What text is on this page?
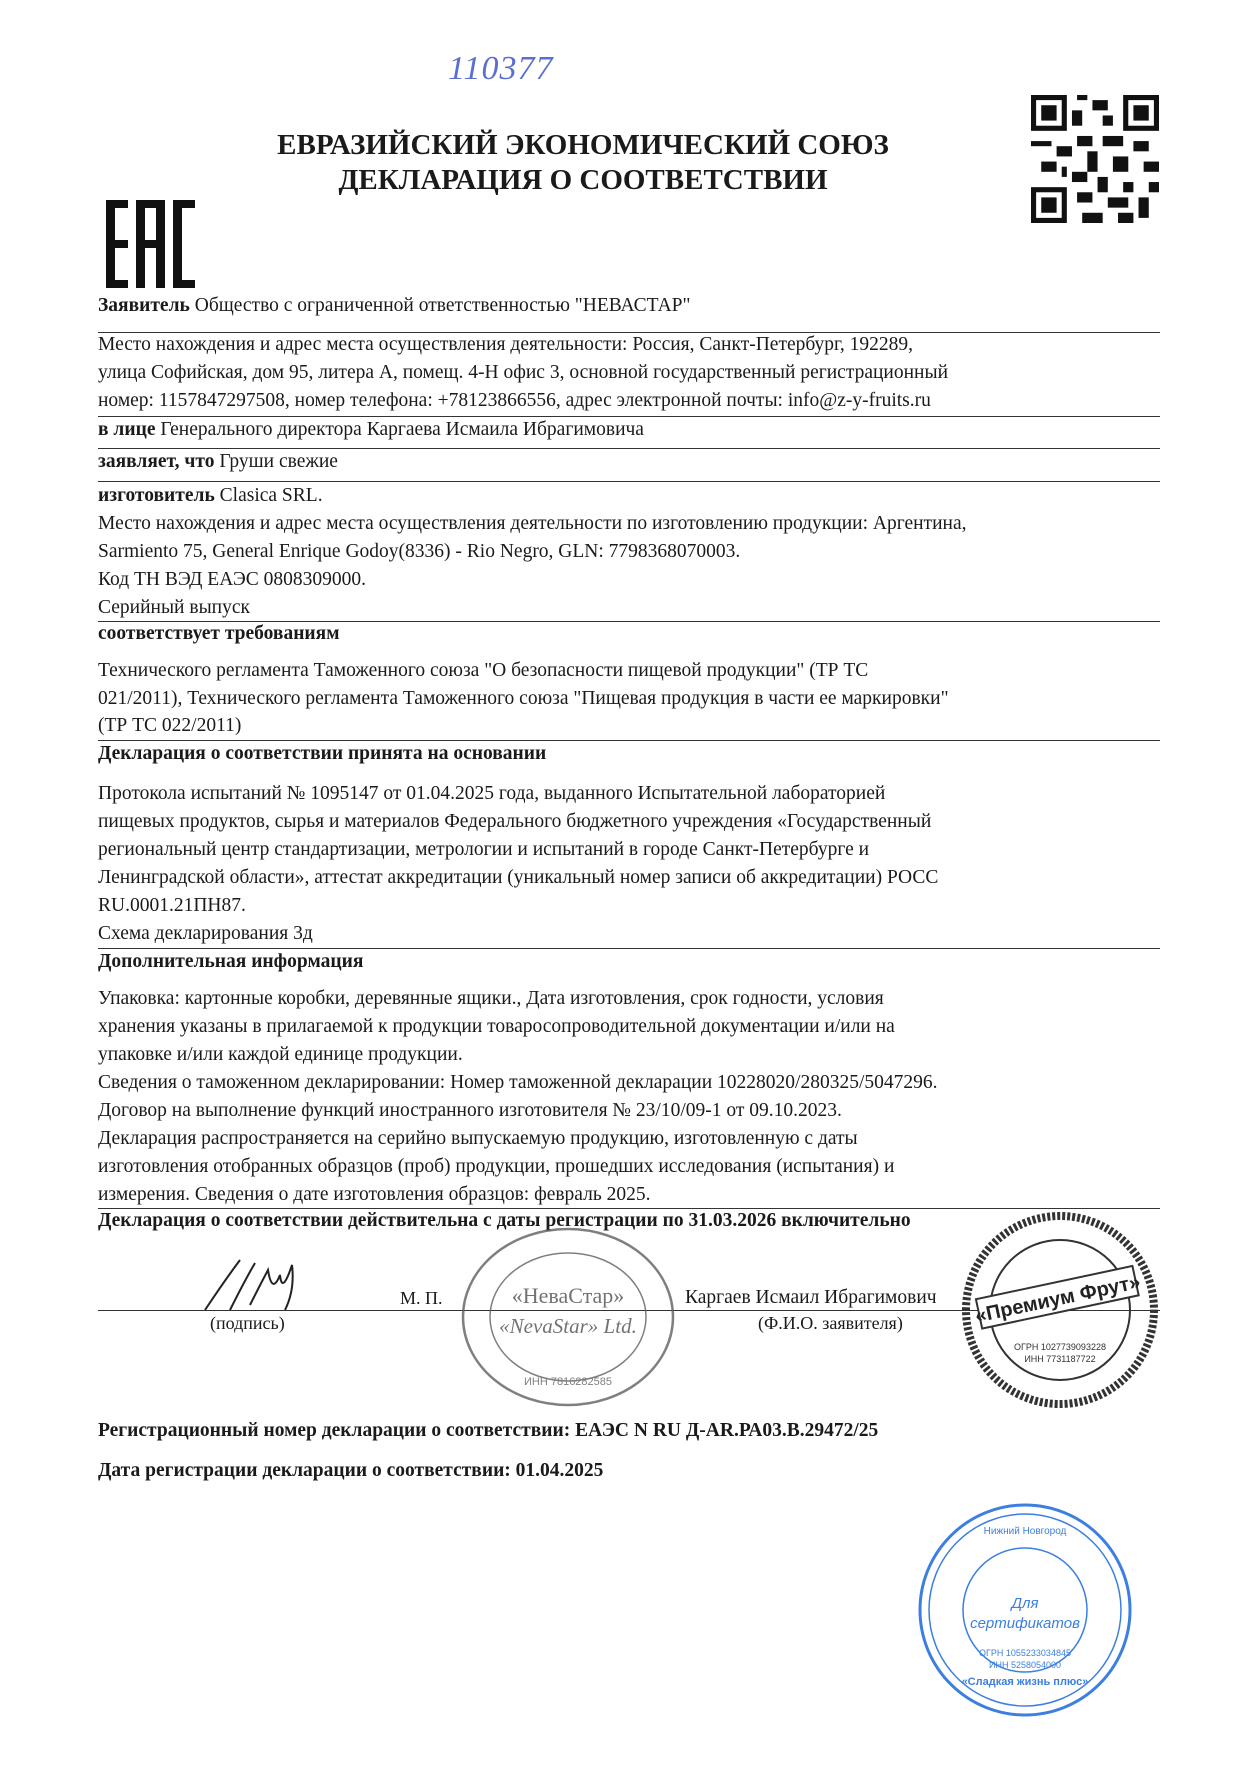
110377
ЕВРАЗИЙСКИЙ ЭКОНОМИЧЕСКИЙ СОЮЗ
ДЕКЛАРАЦИЯ О СООТВЕТСТВИИ
Заявитель Общество с ограниченной ответственностью "НЕВАСТАР"
Место нахождения и адрес места осуществления деятельности: Россия, Санкт-Петербург, 192289,
улица Софийская, дом 95, литера А, помещ. 4-Н офис 3, основной государственный регистрационный
номер: 1157847297508, номер телефона: +78123866556, адрес электронной почты: info@z-y-fruits.ru
в лице Генерального директора Каргаева Исмаила Ибрагимовича
заявляет, что Груши свежие
изготовитель Clasica SRL.
Место нахождения и адрес места осуществления деятельности по изготовлению продукции: Аргентина,
Sarmiento 75, General Enrique Godoy(8336) - Rio Negro, GLN: 7798368070003.
Код ТН ВЭД ЕАЭС 0808309000.
Серийный выпуск
соответствует требованиям
Технического регламента Таможенного союза "О безопасности пищевой продукции" (ТР ТС
021/2011), Технического регламента Таможенного союза "Пищевая продукция в части ее маркировки"
(ТР ТС 022/2011)
Декларация о соответствии принята на основании
Протокола испытаний № 1095147 от 01.04.2025 года, выданного Испытательной лабораторией
пищевых продуктов, сырья и материалов Федерального бюджетного учреждения «Государственный
региональный центр стандартизации, метрологии и испытаний в городе Санкт-Петербурге и
Ленинградской области», аттестат аккредитации (уникальный номер записи об аккредитации) РОСС
RU.0001.21ПН87.
Схема декларирования 3д
Дополнительная информация
Упаковка: картонные коробки, деревянные ящики., Дата изготовления, срок годности, условия
хранения указаны в прилагаемой к продукции товаросопроводительной документации и/или на
упаковке и/или каждой единице продукции.
Сведения о таможенном декларировании: Номер таможенной декларации 10228020/280325/5047296.
Договор на выполнение функций иностранного изготовителя № 23/10/09-1 от 09.10.2023.
Декларация распространяется на серийно выпускаемую продукцию, изготовленную с даты
изготовления отобранных образцов (проб) продукции, прошедших исследования (испытания) и
измерения. Сведения о дате изготовления образцов: февраль 2025.
Декларация о соответствии действительна с даты регистрации по 31.03.2026 включительно
(подпись)
М. П.	Каргаев Исмаил Ибрагимович
(Ф.И.О. заявителя)
«НеваСтар»
«NevaStar» Ltd.
ИНН 7816282585
«Премиум Фрут»
ОГРН 1027739093228
ИНН 7731187722
Регистрационный номер декларации о соответствии: ЕАЭС N RU Д-AR.РА03.В.29472/25
Дата регистрации декларации о соответствии: 01.04.2025
Для
сертификатов
«Сладкая жизнь плюс»
ИНН 5258054000
ОГРН 1055233034845
Нижний Новгород
